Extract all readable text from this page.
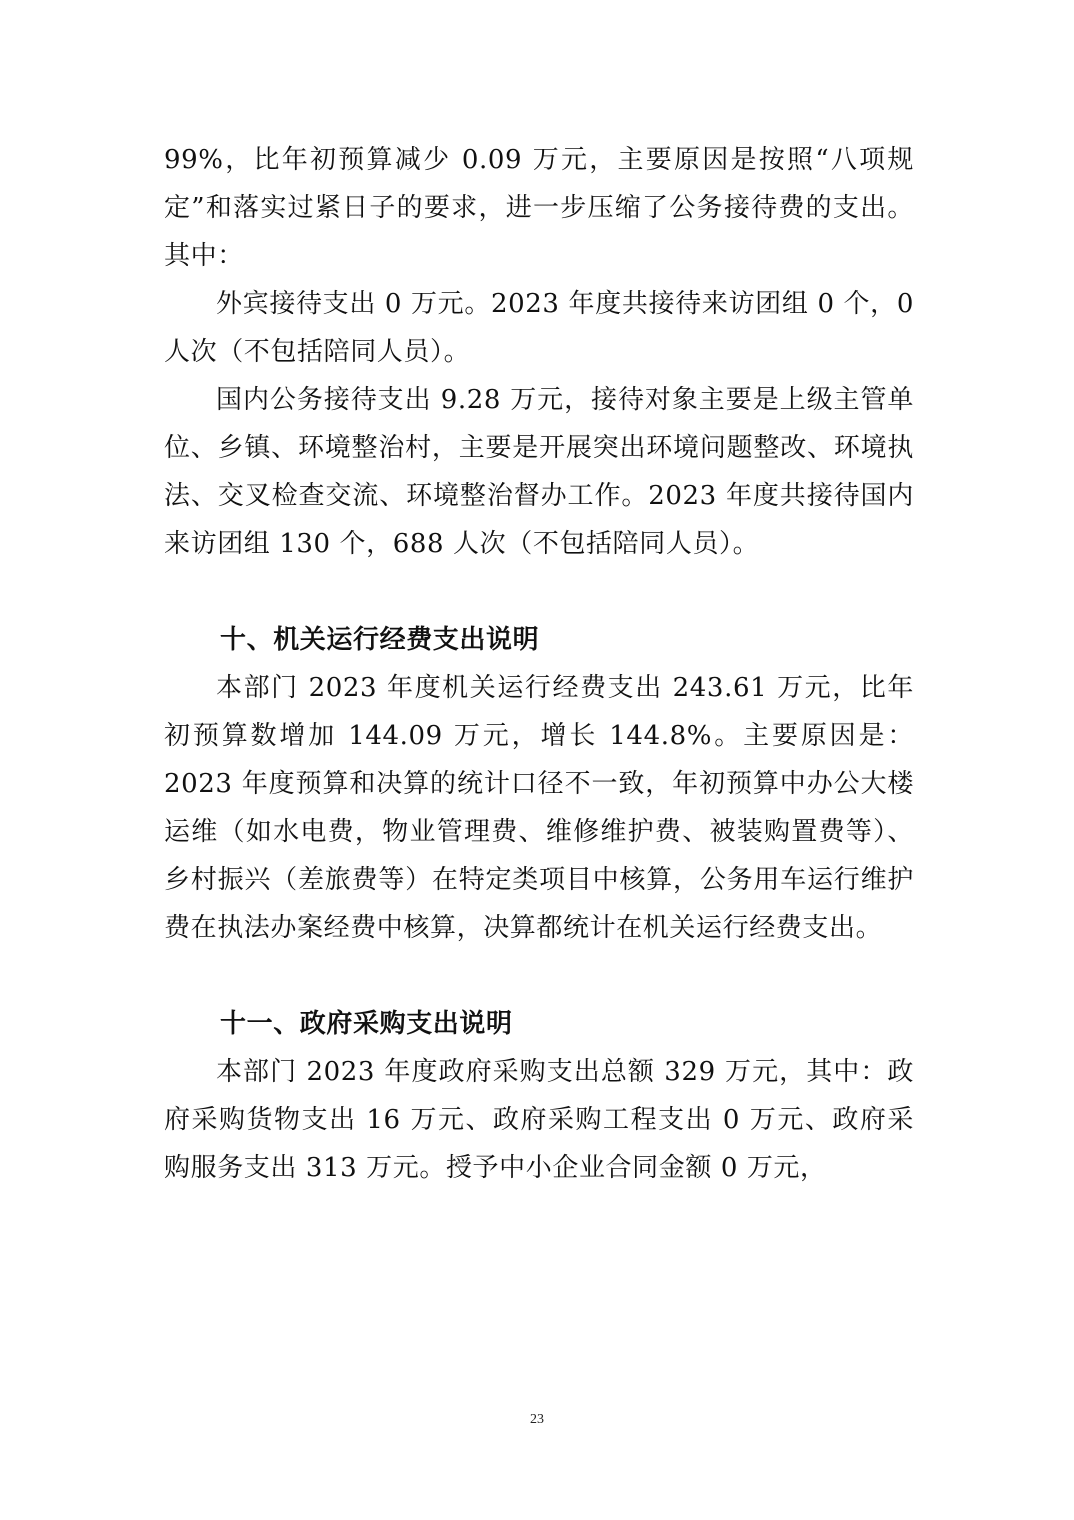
99%，比年初预算减少 0.09 万元，主要原因是按照“八项规定”和落实过紧日子的要求，进一步压缩了公务接待费的支出。其中：

外宾接待支出 0 万元。2023 年度共接待来访团组 0 个，0 人次（不包括陪同人员）。

国内公务接待支出 9.28 万元，接待对象主要是上级主管单位、乡镇、环境整治村，主要是开展突出环境问题整改、环境执法、交叉检查交流、环境整治督办工作。2023 年度共接待国内来访团组 130 个，688 人次（不包括陪同人员）。

十、机关运行经费支出说明

本部门 2023 年度机关运行经费支出 243.61 万元，比年初预算数增加 144.09 万元，增长 144.8%。主要原因是：2023 年度预算和决算的统计口径不一致，年初预算中办公大楼运维（如水电费，物业管理费、维修维护费、被装购置费等）、乡村振兴（差旅费等）在特定类项目中核算，公务用车运行维护费在执法办案经费中核算，决算都统计在机关运行经费支出。

十一、政府采购支出说明

本部门 2023 年度政府采购支出总额 329 万元，其中：政府采购货物支出 16 万元、政府采购工程支出 0 万元、政府采购服务支出 313 万元。授予中小企业合同金额 0 万元，

23
